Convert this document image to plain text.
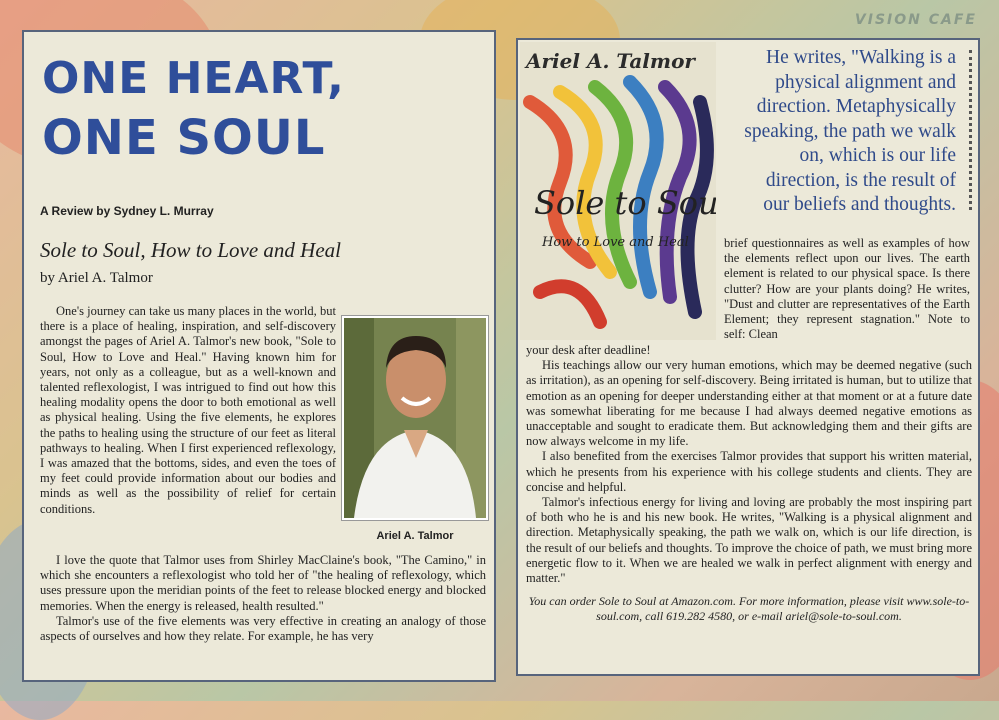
VISION CAFE
ONE HEART,
ONE SOUL
A Review by Sydney L. Murray
Sole to Soul, How to Love and Heal
by Ariel A. Talmor

One's journey can take us many places in the world, but there is a place of healing, inspiration, and self-discovery amongst the pages of Ariel A. Talmor's new book, "Sole to Soul, How to Love and Heal." Having known him for years, not only as a colleague, but as a well-known and talented reflexologist, I was intrigued to find out how this healing modality opens the door to both emotional as well as physical healing. Using the five elements, he explores the paths to healing using the structure of our feet as literal pathways to healing. When I first experienced reflexology, I was amazed that the bottoms, sides, and even the toes of my feet could provide information about our bodies and minds as well as the possibility of relief for certain conditions.

Ariel A. Talmor

I love the quote that Talmor uses from Shirley MacClaine's book, "The Camino," in which she encounters a reflexologist who told her of "the healing of reflexology, which uses pressure upon the meridian points of the feet to release blocked energy and blocked memories. When the energy is released, health resulted."

Talmor's use of the five elements was very effective in creating an analogy of those aspects of ourselves and how they relate. For example, he has very

Ariel A. Talmor
Sole to Soul
How to Love and Heal
He writes, "Walking is a physical alignment and direction. Metaphysically speaking, the path we walk on, which is our life direction, is the result of our beliefs and thoughts.

brief questionnaires as well as examples of how the elements reflect upon our lives. The earth element is related to our physical space. Is there clutter? How are your plants doing? He writes, "Dust and clutter are representatives of the Earth Element; they represent stagnation." Note to self: Clean

your desk after deadline!

His teachings allow our very human emotions, which may be deemed negative (such as irritation), as an opening for self-discovery. Being irritated is human, but to utilize that emotion as an opening for deeper understanding either at that moment or at a future date was somewhat liberating for me because I had always deemed negative emotions as unacceptable and sought to eradicate them. But acknowledging them and their gifts are now always welcome in my life.

I also benefited from the exercises Talmor provides that support his written material, which he presents from his experience with his college students and clients. They are concise and helpful.

Talmor's infectious energy for living and loving are probably the most inspiring part of both who he is and his new book. He writes, "Walking is a physical alignment and direction. Metaphysically speaking, the path we walk on, which is our life direction, is the result of our beliefs and thoughts. To improve the choice of path, we must bring more energetic flow to it. When we are healed we walk in perfect alignment with energy and matter."

You can order Sole to Soul at Amazon.com. For more information, please visit www.sole-to-soul.com, call 619.282 4580, or e-mail ariel@sole-to-soul.com.
